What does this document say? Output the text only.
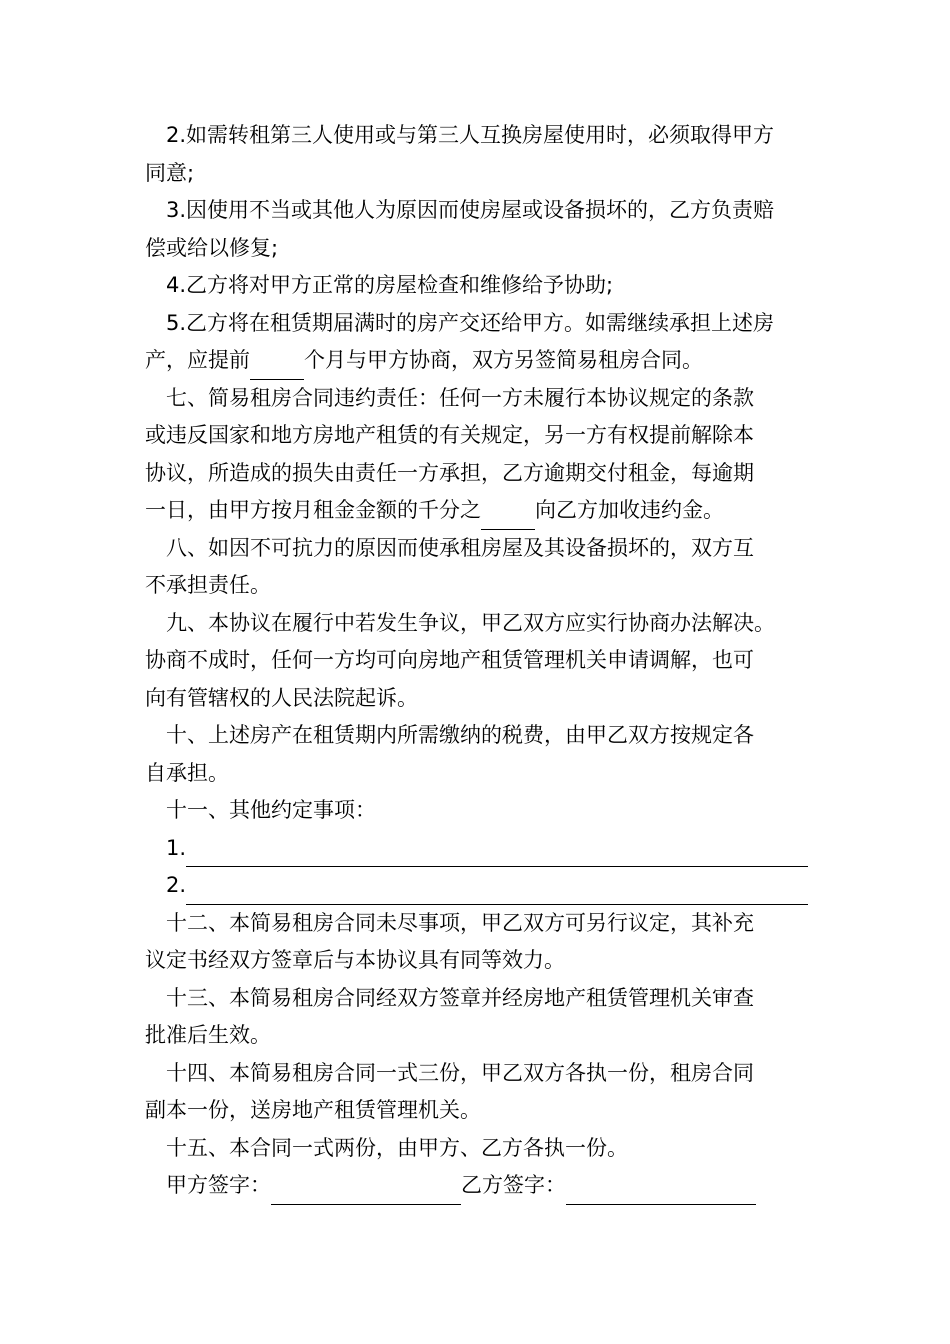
2.如需转租第三人使用或与第三人互换房屋使用时，必须取得甲方
同意;
3.因使用不当或其他人为原因而使房屋或设备损坏的，乙方负责赔
偿或给以修复;
4.乙方将对甲方正常的房屋检查和维修给予协助;
5.乙方将在租赁期届满时的房产交还给甲方。如需继续承担上述房
产，应提前	个月与甲方协商，双方另签简易租房合同。
七、简易租房合同违约责任：任何一方未履行本协议规定的条款
或违反国家和地方房地产租赁的有关规定，另一方有权提前解除本
协议，所造成的损失由责任一方承担，乙方逾期交付租金，每逾期
一日，由甲方按月租金金额的千分之	向乙方加收违约金。
八、如因不可抗力的原因而使承租房屋及其设备损坏的，双方互
不承担责任。
九、本协议在履行中若发生争议，甲乙双方应实行协商办法解决。
协商不成时，任何一方均可向房地产租赁管理机关申请调解，也可
向有管辖权的人民法院起诉。
十、上述房产在租赁期内所需缴纳的税费，由甲乙双方按规定各
自承担。
十一、其他约定事项：
1.
2.
十二、本简易租房合同未尽事项，甲乙双方可另行议定，其补充
议定书经双方签章后与本协议具有同等效力。
十三、本简易租房合同经双方签章并经房地产租赁管理机关审查
批准后生效。
十四、本简易租房合同一式三份，甲乙双方各执一份，租房合同
副本一份，送房地产租赁管理机关。
十五、本合同一式两份，由甲方、乙方各执一份。
甲方签字：	乙方签字：
